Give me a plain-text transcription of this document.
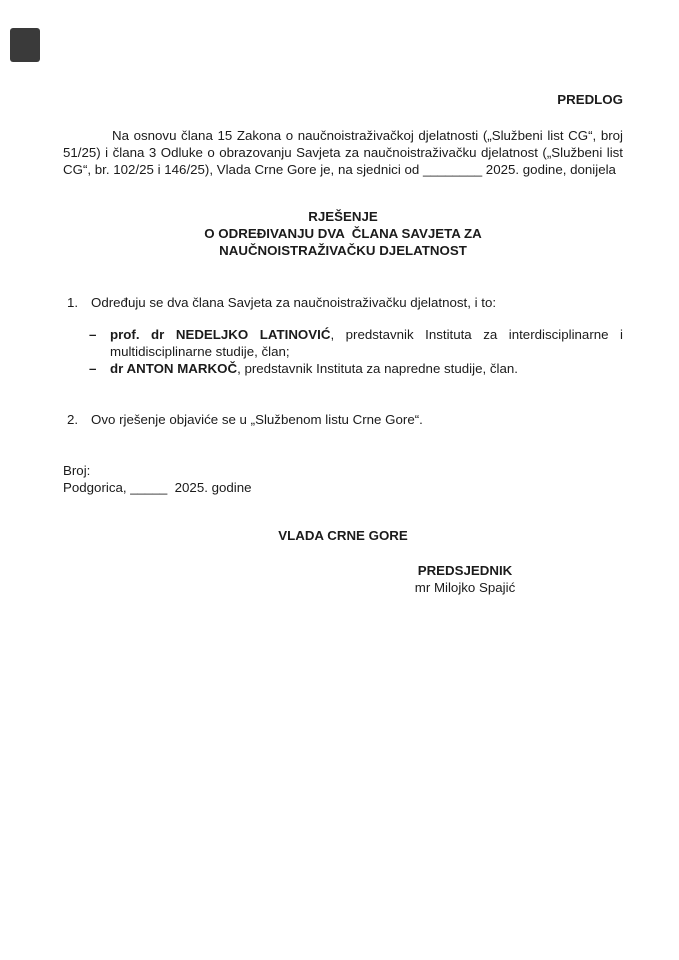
PREDLOG

Na osnovu člana 15 Zakona o naučnoistraživačkoj djelatnosti („Službeni list CG“, broj 51/25) i člana 3 Odluke o obrazovanju Savjeta za naučnoistraživačku djelatnost („Službeni list CG“, br. 102/25 i 146/25), Vlada Crne Gore je, na sjednici od ________ 2025. godine, donijela

RJEŠENJE
O ODREĐIVANJU DVA  ČLANA SAVJETA ZA
NAUČNOISTRAŽIVAČKU DJELATNOST
1. Određuju se dva člana Savjeta za naučnoistraživačku djelatnost, i to:
–	prof. dr NEDELJKO LATINOVIĆ, predstavnik Instituta za interdisciplinarne i multidisciplinarne studije, član;
–	dr ANTON MARKOČ, predstavnik Instituta za napredne studije, član.
2. Ovo rješenje objaviće se u „Službenom listu Crne Gore“.
Broj:
Podgorica, _____  2025. godine
VLADA CRNE GORE
PREDSJEDNIK
mr Milojko Spajić
